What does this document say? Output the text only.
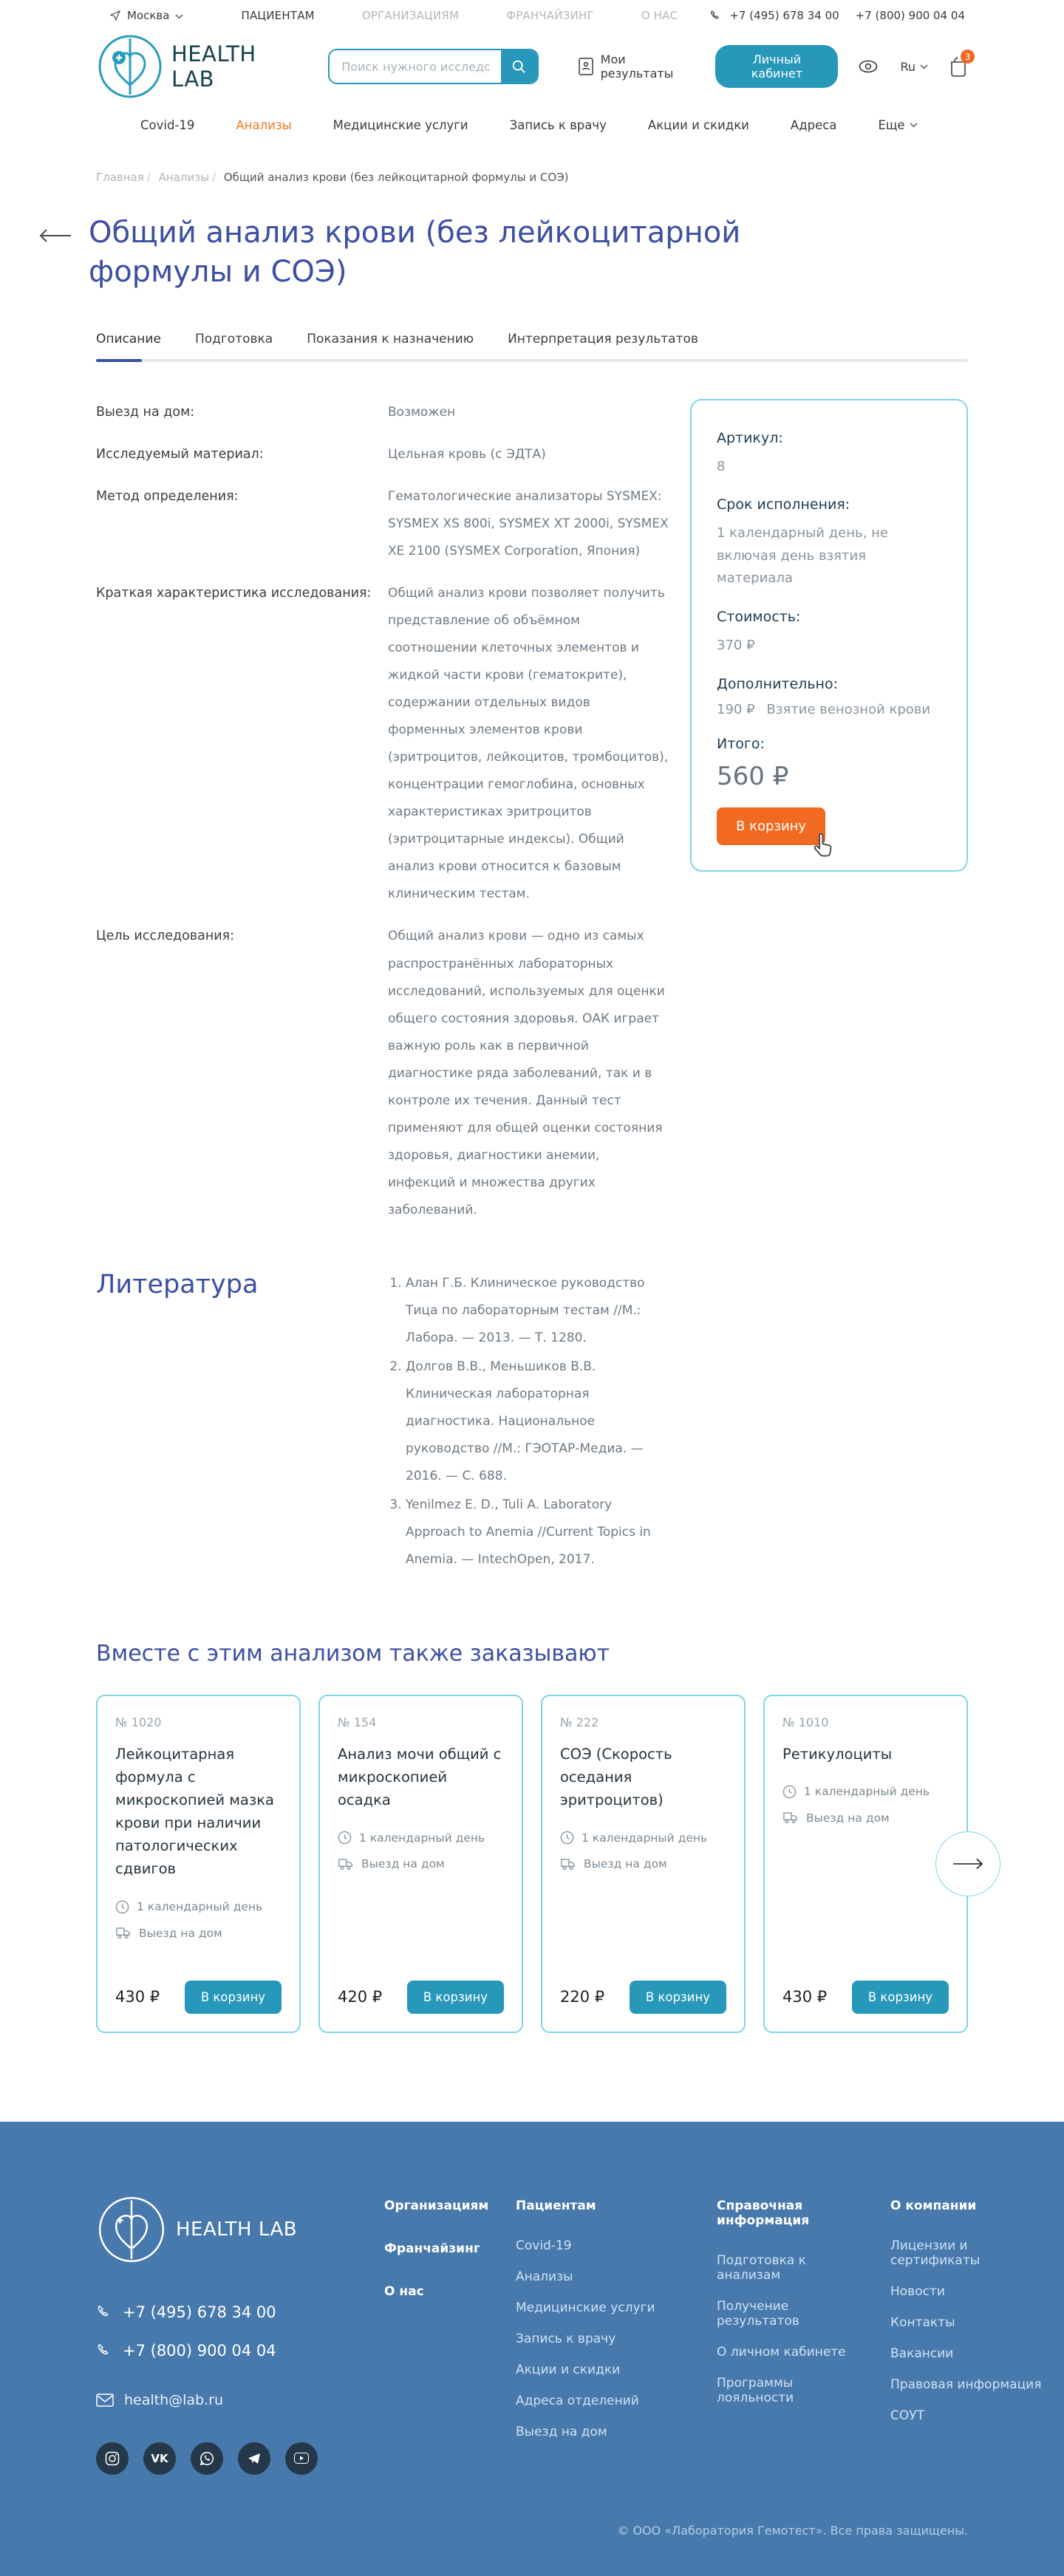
Москва	ПАЦИЕНТАМ	ОРГАНИЗАЦИЯМ	ФРАНЧАЙЗИНГ	О НАС	+7 (495) 678 34 00 +7 (800) 900 04 04
HEALTH LAB
Поиск нужного исследования
Мои результаты
Личный кабинет	Ru
3
Covid-19	Анализы	Медицинские услуги	Запись к врачу	Акции и скидки	Адреса	Еще
Главная / Анализы / Общий анализ крови (без лейкоцитарной формулы и СОЭ)
Общий анализ крови (без лейкоцитарной формулы и СОЭ)
Описание	Подготовка	Показания к назначению	Интерпретация результатов
Выезд на дом:	Возможен
Исследуемый материал:	Цельная кровь (с ЭДТА)
Метод определения:	Гематологические анализаторы SYSMEX: SYSMEX XS 800i, SYSMEX XT 2000i, SYSMEX XE 2100 (SYSMEX Corporation, Япония)
Краткая характеристика исследования:	Общий анализ крови позволяет получить представление об объёмном соотношении клеточных элементов и жидкой части крови (гематокрите), содержании отдельных видов форменных элементов крови (эритроцитов, лейкоцитов, тромбоцитов), концентрации гемоглобина, основных характеристиках эритроцитов (эритроцитарные индексы). Общий анализ крови относится к базовым клиническим тестам.
Цель исследования:	Общий анализ крови — одно из самых распространённых лабораторных исследований, используемых для оценки общего состояния здоровья. ОАК играет важную роль как в первичной диагностике ряда заболеваний, так и в контроле их течения. Данный тест применяют для общей оценки состояния здоровья, диагностики анемии, инфекций и множества других заболеваний.
Артикул:
8
Срок исполнения:
1 календарный день, не включая день взятия материала
Стоимость:
370 ₽
Дополнительно:
190 ₽ Взятие венозной крови
Итого:
560 ₽
В корзину
Литература	1. Алан Г.Б. Клиническое руководство Тица по лабораторным тестам //М.: Лабора. — 2013. — Т. 1280.
2. Долгов В.В., Меньшиков В.В. Клиническая лабораторная диагностика. Национальное руководство //М.: ГЭОТАР-Медиа. — 2016. — С. 688.
3. Yenilmez E. D., Tuli A. Laboratory Approach to Anemia //Current Topics in Anemia. — IntechOpen, 2017.
Вместе с этим анализом также заказывают
№ 1020
Лейкоцитарная формула с микроскопией мазка крови при наличии патологических сдвигов
1 календарный день
Выезд на дом
430 ₽	В корзину
№ 154
Анализ мочи общий с микроскопией осадка
1 календарный день
Выезд на дом
420 ₽	В корзину
№ 222
СОЭ (Скорость оседания эритроцитов)
1 календарный день
Выезд на дом
220 ₽	В корзину
№ 1010
Ретикулоциты
1 календарный день
Выезд на дом
430 ₽	В корзину
HEALTH LAB
+7 (495) 678 34 00
+7 (800) 900 04 04
health@lab.ru
VK
Организациям
Франчайзинг
О нас
Пациентам
Covid-19
Анализы
Медицинские услуги
Запись к врачу
Акции и скидки
Адреса отделений
Выезд на дом
Справочная информация
Подготовка к анализам
Получение результатов
О личном кабинете
Программы лояльности
О компании
Лицензии и сертификаты
Новости
Контакты
Вакансии
Правовая информация
СОУТ
© ООО «Лаборатория Гемотест». Все права защищены.
